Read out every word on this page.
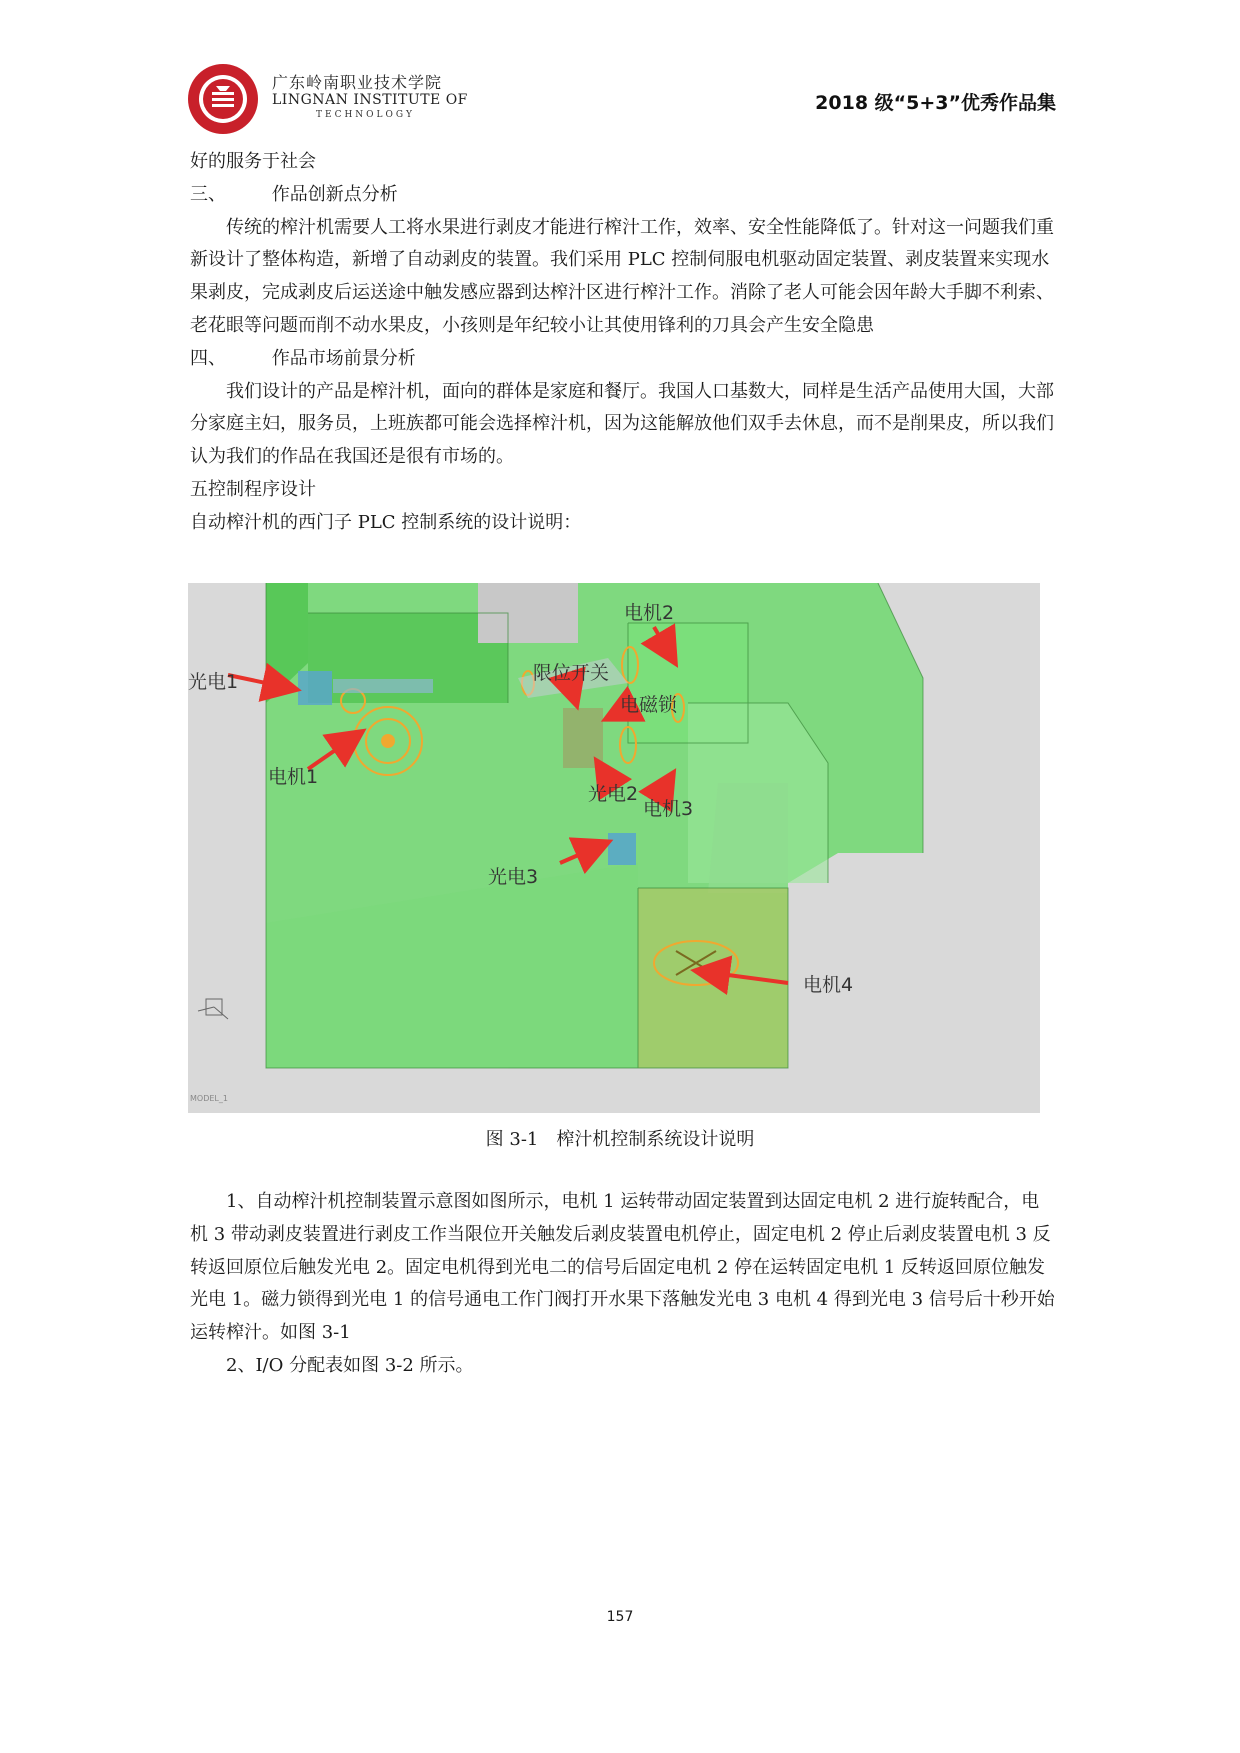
广东岭南职业技术学院
LINGNAN INSTITUTE OF
TECHNOLOGY
2018 级“5+3”优秀作品集

好的服务于社会

三、	作品创新点分析

传统的榨汁机需要人工将水果进行剥皮才能进行榨汁工作，效率、安全性能降低了。针对这一问题我们重新设计了整体构造，新增了自动剥皮的装置。我们采用 PLC 控制伺服电机驱动固定装置、剥皮装置来实现水果剥皮，完成剥皮后运送途中触发感应器到达榨汁区进行榨汁工作。消除了老人可能会因年龄大手脚不利索、老花眼等问题而削不动水果皮，小孩则是年纪较小让其使用锋利的刀具会产生安全隐患

四、	作品市场前景分析

我们设计的产品是榨汁机，面向的群体是家庭和餐厅。我国人口基数大，同样是生活产品使用大国，大部分家庭主妇，服务员，上班族都可能会选择榨汁机，因为这能解放他们双手去休息，而不是削果皮，所以我们认为我们的作品在我国还是很有市场的。

五控制程序设计

自动榨汁机的西门子 PLC 控制系统的设计说明：

光电1
电机1
电机2
限位开关
电磁锁
光电2
电机3
光电3
电机4
MODEL_1
图 3-1　榨汁机控制系统设计说明

1、自动榨汁机控制装置示意图如图所示，电机 1 运转带动固定装置到达固定电机 2 进行旋转配合，电机 3 带动剥皮装置进行剥皮工作当限位开关触发后剥皮装置电机停止，固定电机 2 停止后剥皮装置电机 3 反转返回原位后触发光电 2。固定电机得到光电二的信号后固定电机 2 停在运转固定电机 1 反转返回原位触发光电 1。磁力锁得到光电 1 的信号通电工作门阀打开水果下落触发光电 3 电机 4 得到光电 3 信号后十秒开始运转榨汁。如图 3-1

2、I/O 分配表如图 3-2 所示。

157
